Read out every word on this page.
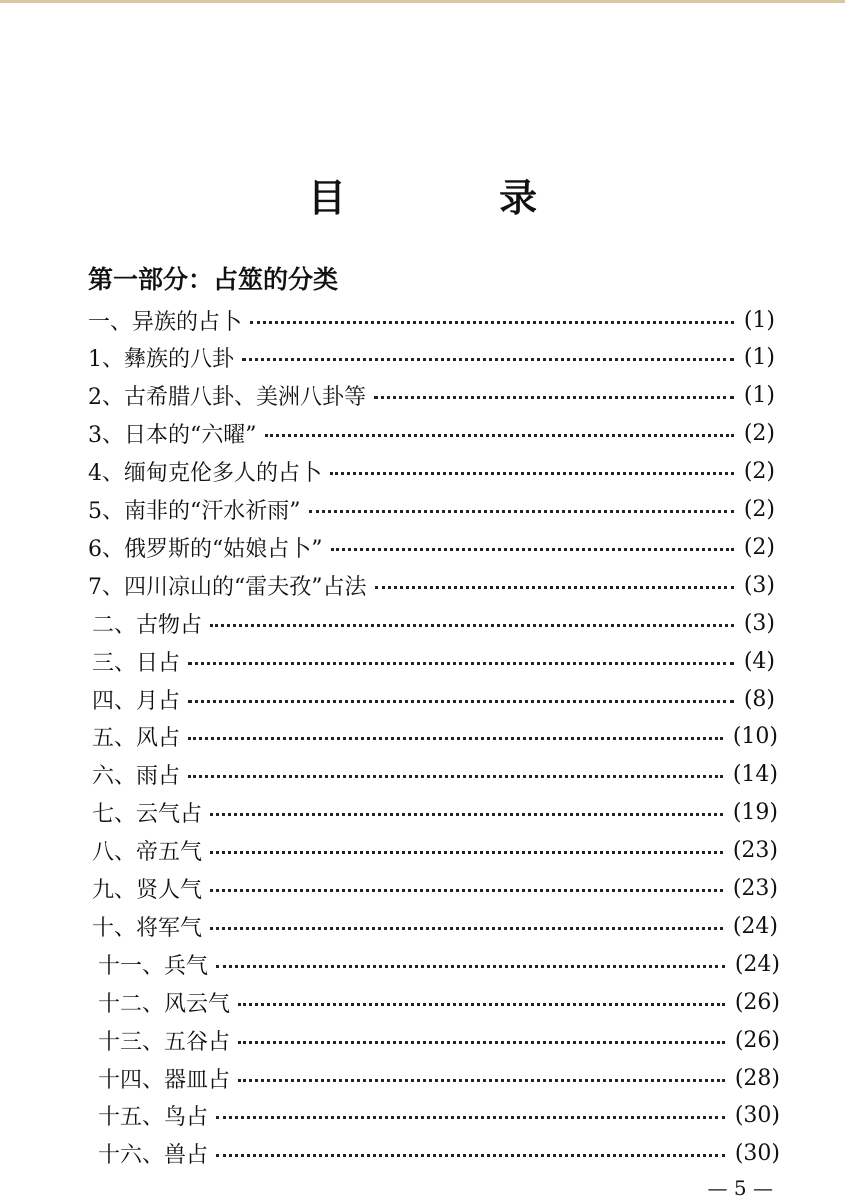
目 录
第一部分：占筮的分类
一、异族的占卜	(1)
1、彝族的八卦	(1)
2、古希腊八卦、美洲八卦等	(1)
3、日本的“六曜”	(2)
4、缅甸克伦多人的占卜	(2)
5、南非的“汗水祈雨”	(2)
6、俄罗斯的“姑娘占卜”	(2)
7、四川凉山的“雷夫孜”占法	(3)
二、古物占	(3)
三、日占	(4)
四、月占	(8)
五、风占	(10)
六、雨占	(14)
七、云气占	(19)
八、帝五气	(23)
九、贤人气	(23)
十、将军气	(24)
十一、兵气	(24)
十二、风云气	(26)
十三、五谷占	(26)
十四、器皿占	(28)
十五、鸟占	(30)
十六、兽占	(30)
— 5 —
